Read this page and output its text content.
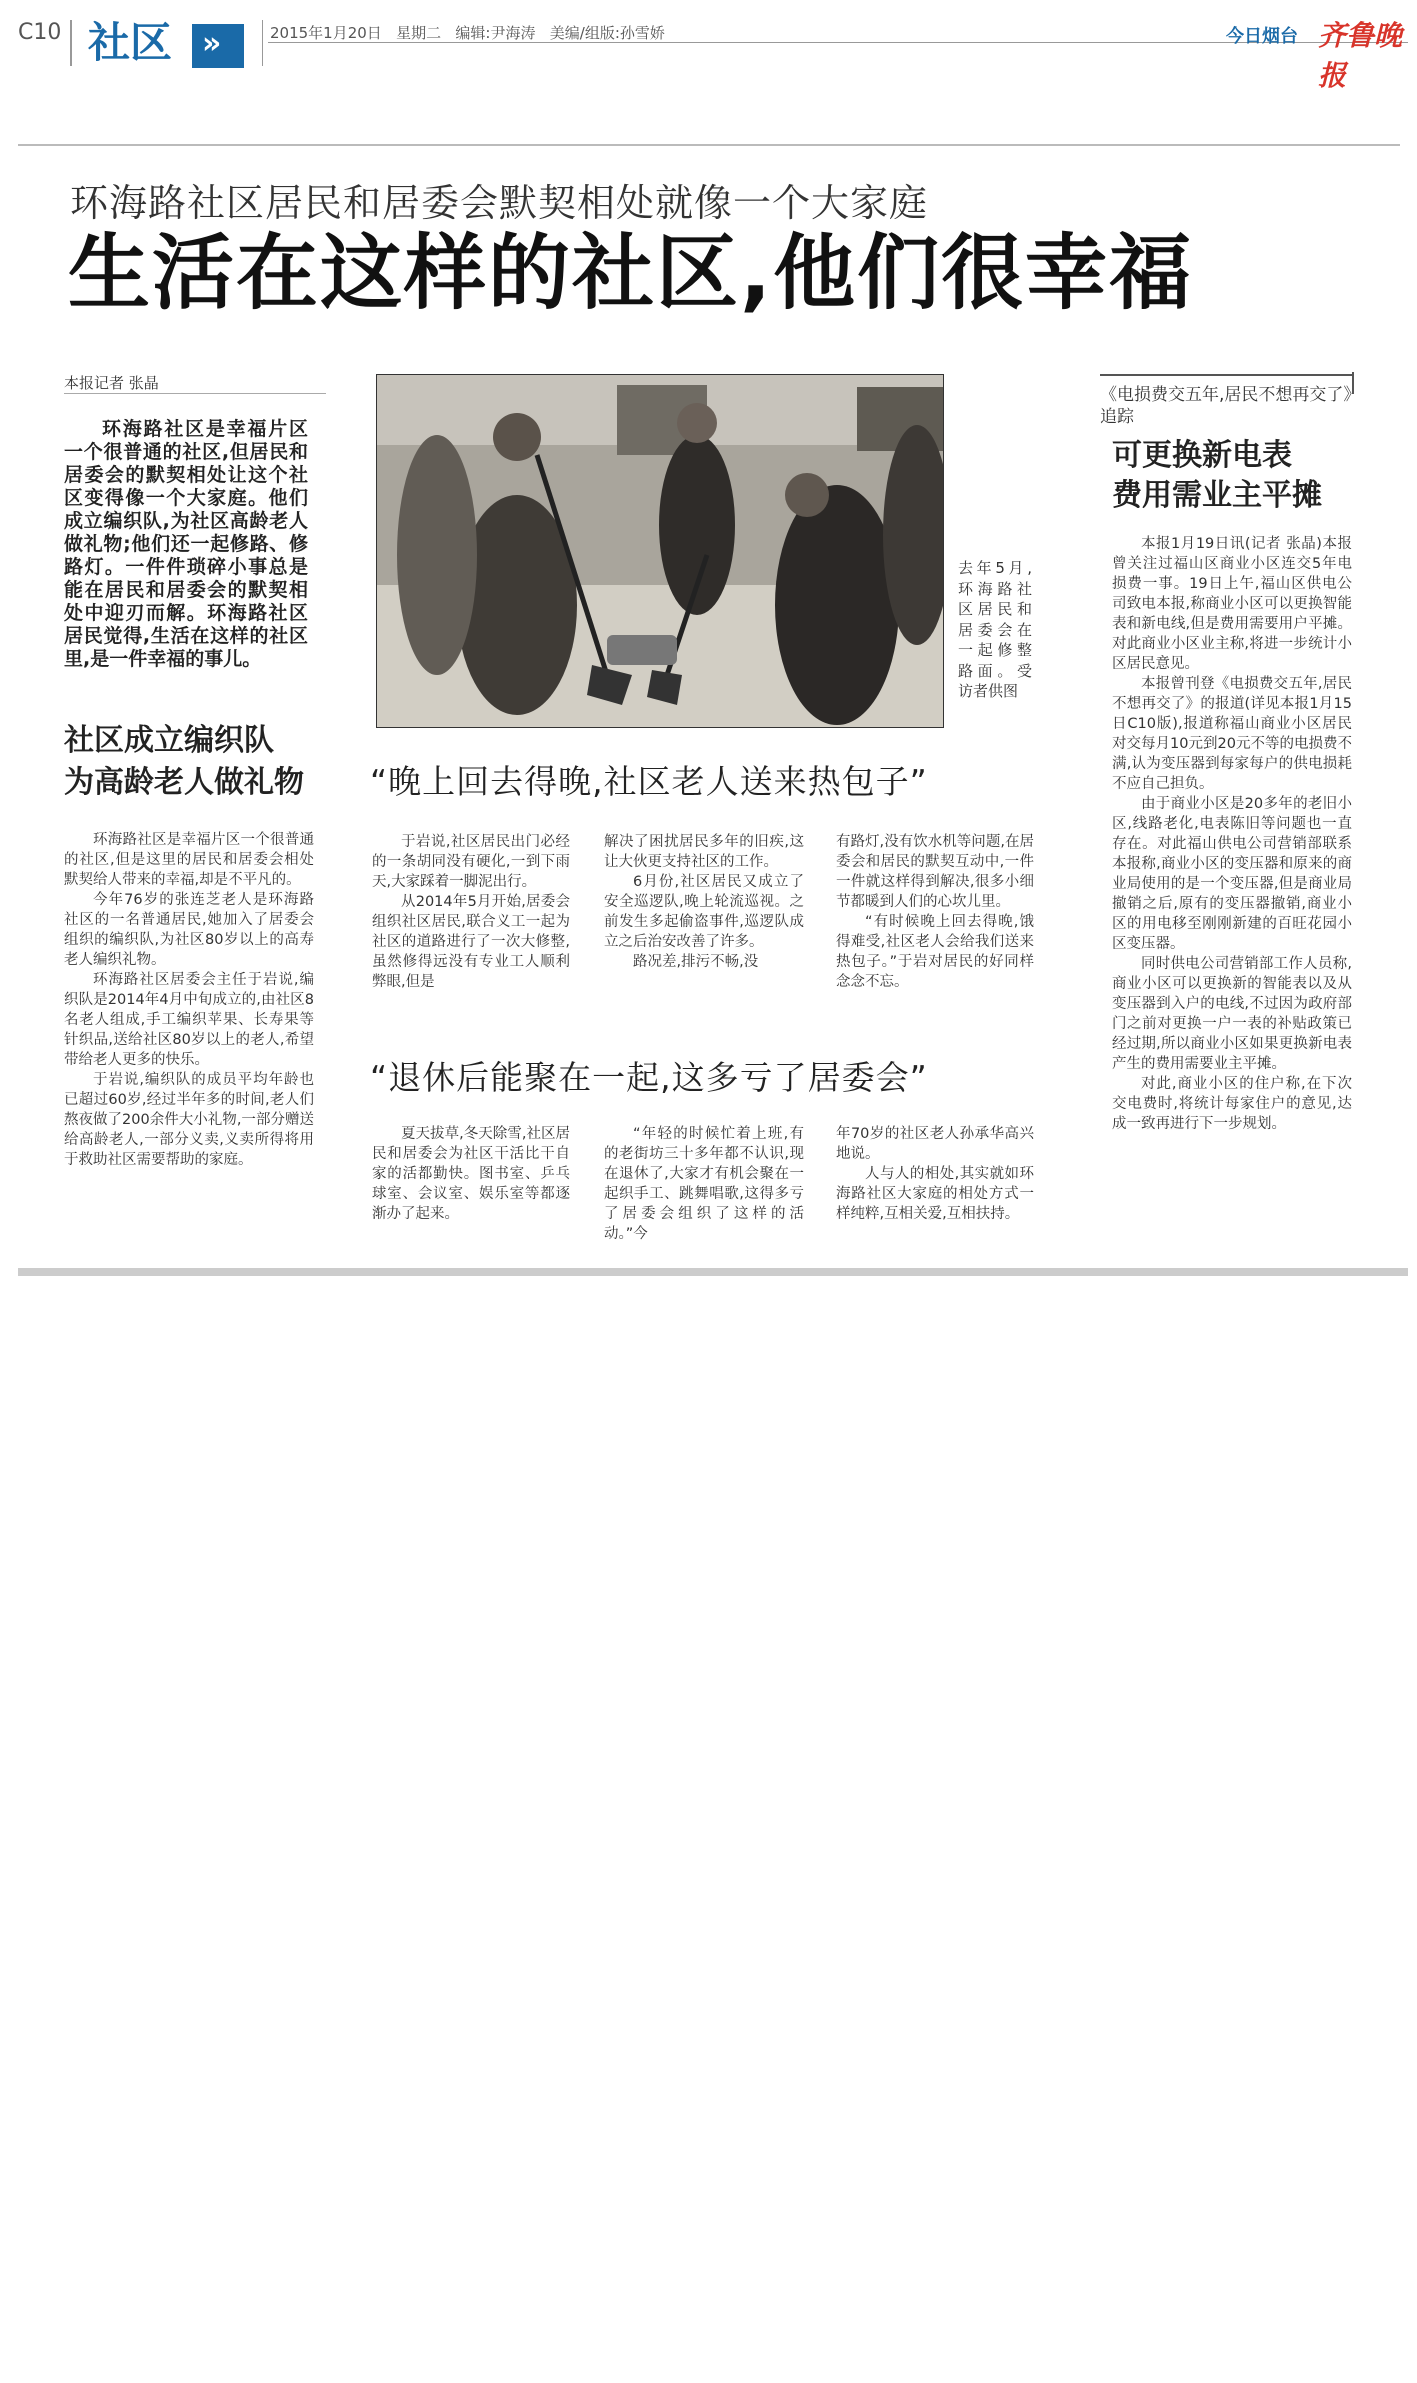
C10 社区 »	2015年1月20日   星期二   编辑:尹海涛   美编/组版:孙雪娇	今日烟台 齐鲁晚报
环海路社区居民和居委会默契相处就像一个大家庭
生活在这样的社区,他们很幸福
本报记者 张晶

环海路社区是幸福片区一个很普通的社区,但居民和居委会的默契相处让这个社区变得像一个大家庭。他们成立编织队,为社区高龄老人做礼物;他们还一起修路、修路灯。一件件琐碎小事总是能在居民和居委会的默契相处中迎刃而解。环海路社区居民觉得,生活在这样的社区里,是一件幸福的事儿。

去年5月,环海路社区居民和居委会在一起修整路面。受访者供图
社区成立编织队
为高龄老人做礼物

环海路社区是幸福片区一个很普通的社区,但是这里的居民和居委会相处默契给人带来的幸福,却是不平凡的。

今年76岁的张连芝老人是环海路社区的一名普通居民,她加入了居委会组织的编织队,为社区80岁以上的高寿老人编织礼物。

环海路社区居委会主任于岩说,编织队是2014年4月中旬成立的,由社区8名老人组成,手工编织苹果、长寿果等针织品,送给社区80岁以上的老人,希望带给老人更多的快乐。

于岩说,编织队的成员平均年龄也已超过60岁,经过半年多的时间,老人们熬夜做了200余件大小礼物,一部分赠送给高龄老人,一部分义卖,义卖所得将用于救助社区需要帮助的家庭。

“晚上回去得晚,社区老人送来热包子”

于岩说,社区居民出门必经的一条胡同没有硬化,一到下雨天,大家踩着一脚泥出行。

从2014年5月开始,居委会组织社区居民,联合义工一起为社区的道路进行了一次大修整,虽然修得远没有专业工人顺利弊眼,但是

解决了困扰居民多年的旧疾,这让大伙更支持社区的工作。

6月份,社区居民又成立了安全巡逻队,晚上轮流巡视。之前发生多起偷盗事件,巡逻队成立之后治安改善了许多。

路况差,排污不畅,没

有路灯,没有饮水机等问题,在居委会和居民的默契互动中,一件一件就这样得到解决,很多小细节都暖到人们的心坎儿里。

“有时候晚上回去得晚,饿得难受,社区老人会给我们送来热包子。”于岩对居民的好同样念念不忘。

“退休后能聚在一起,这多亏了居委会”

夏天拔草,冬天除雪,社区居民和居委会为社区干活比干自家的活都勤快。图书室、乒乓球室、会议室、娱乐室等都逐渐办了起来。

“年轻的时候忙着上班,有的老街坊三十多年都不认识,现在退休了,大家才有机会聚在一起织手工、跳舞唱歌,这得多亏了居委会组织了这样的活动。”今

年70岁的社区老人孙承华高兴地说。

人与人的相处,其实就如环海路社区大家庭的相处方式一样纯粹,互相关爱,互相扶持。

《电损费交五年,居民不想再交了》追踪
可更换新电表
费用需业主平摊

本报1月19日讯(记者 张晶)本报曾关注过福山区商业小区连交5年电损费一事。19日上午,福山区供电公司致电本报,称商业小区可以更换智能表和新电线,但是费用需要用户平摊。对此商业小区业主称,将进一步统计小区居民意见。

本报曾刊登《电损费交五年,居民不想再交了》的报道(详见本报1月15日C10版),报道称福山商业小区居民对交每月10元到20元不等的电损费不满,认为变压器到每家每户的供电损耗不应自己担负。

由于商业小区是20多年的老旧小区,线路老化,电表陈旧等问题也一直存在。对此福山供电公司营销部联系本报称,商业小区的变压器和原来的商业局使用的是一个变压器,但是商业局撤销之后,原有的变压器撤销,商业小区的用电移至刚刚新建的百旺花园小区变压器。

同时供电公司营销部工作人员称,商业小区可以更换新的智能表以及从变压器到入户的电线,不过因为政府部门之前对更换一户一表的补贴政策已经过期,所以商业小区如果更换新电表产生的费用需要业主平摊。

对此,商业小区的住户称,在下次交电费时,将统计每家住户的意见,达成一致再进行下一步规划。
